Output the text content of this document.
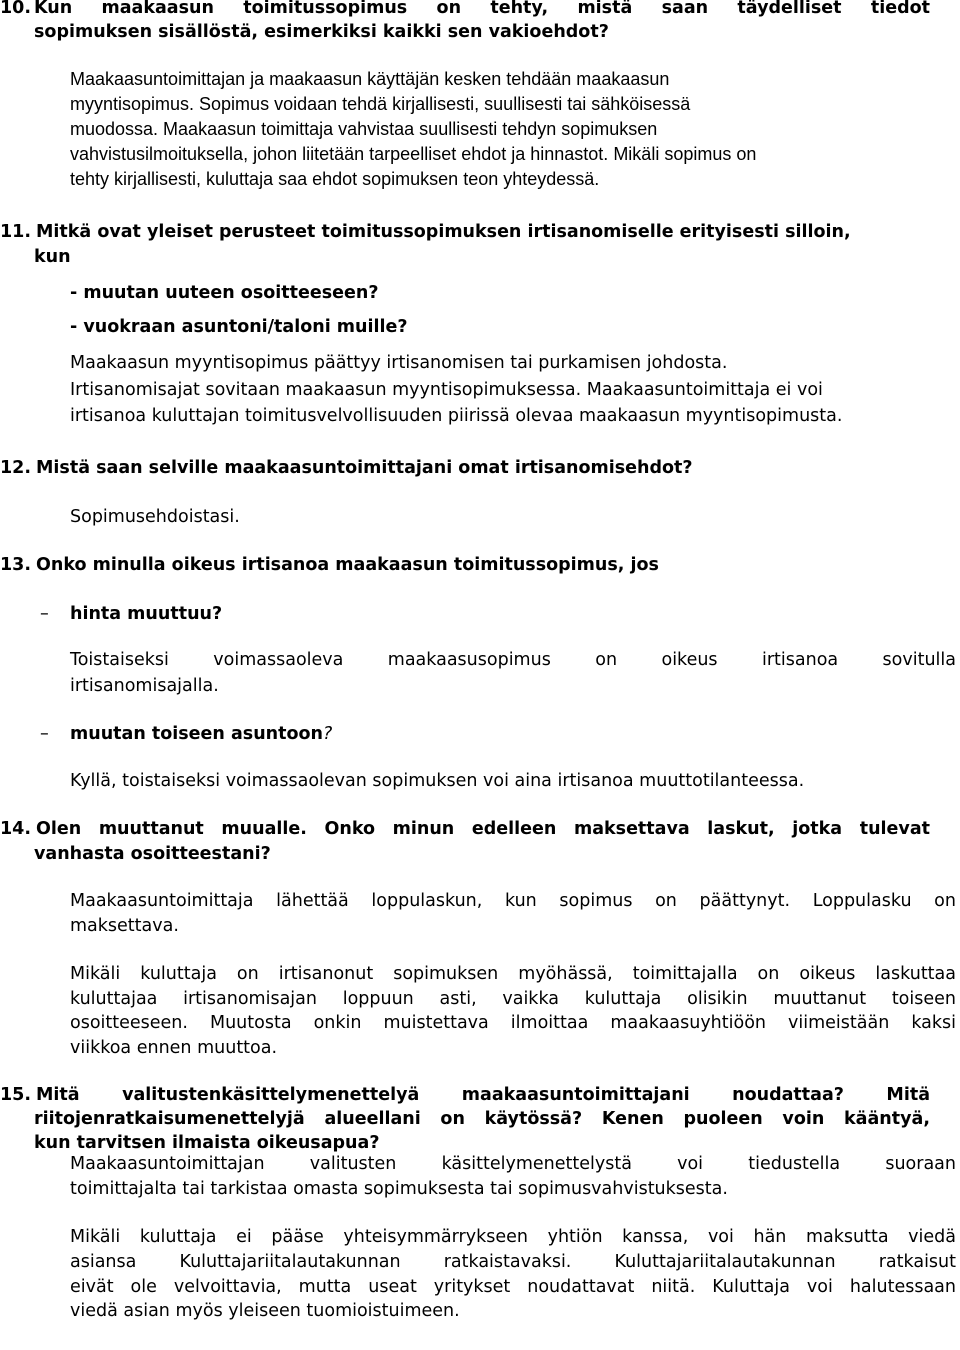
10. Kun maakaasun toimitussopimus on tehty, mistä saan täydelliset tiedot
sopimuksen sisällöstä, esimerkiksi kaikki sen vakioehdot?
Maakaasuntoimittajan ja maakaasun käyttäjän kesken tehdään maakaasun
myyntisopimus. Sopimus voidaan tehdä kirjallisesti, suullisesti tai sähköisessä
muodossa. Maakaasun toimittaja vahvistaa suullisesti tehdyn sopimuksen
vahvistusilmoituksella, johon liitetään tarpeelliset ehdot ja hinnastot. Mikäli sopimus on
tehty kirjallisesti, kuluttaja saa ehdot sopimuksen teon yhteydessä.
11. Mitkä ovat yleiset perusteet toimitussopimuksen irtisanomiselle erityisesti silloin,
kun
- muutan uuteen osoitteeseen?
- vuokraan asuntoni/taloni muille?
Maakaasun myyntisopimus päättyy irtisanomisen tai purkamisen johdosta.
Irtisanomisajat sovitaan maakaasun myyntisopimuksessa. Maakaasuntoimittaja ei voi
irtisanoa kuluttajan toimitusvelvollisuuden piirissä olevaa maakaasun myyntisopimusta.
12. Mistä saan selville maakaasuntoimittajani omat irtisanomisehdot?
Sopimusehdoistasi.
13. Onko minulla oikeus irtisanoa maakaasun toimitussopimus, jos
– hinta muuttuu?
Toistaiseksi voimassaoleva maakaasusopimus on oikeus irtisanoa sovitulla
irtisanomisajalla.
– muutan toiseen asuntoon?
Kyllä, toistaiseksi voimassaolevan sopimuksen voi aina irtisanoa muuttotilanteessa.
14. Olen muuttanut muualle. Onko minun edelleen maksettava laskut, jotka tulevat
vanhasta osoitteestani?
Maakaasuntoimittaja lähettää loppulaskun, kun sopimus on päättynyt. Loppulasku on
maksettava.
Mikäli kuluttaja on irtisanonut sopimuksen myöhässä, toimittajalla on oikeus laskuttaa
kuluttajaa irtisanomisajan loppuun asti, vaikka kuluttaja olisikin muuttanut toiseen
osoitteeseen. Muutosta onkin muistettava ilmoittaa maakaasuyhtiöön viimeistään kaksi
viikkoa ennen muuttoa.
15. Mitä valitustenkäsittelymenettelyä maakaasuntoimittajani noudattaa? Mitä
riitojenratkaisumenettelyjä alueellani on käytössä? Kenen puoleen voin kääntyä,
kun tarvitsen ilmaista oikeusapua?
Maakaasuntoimittajan valitusten käsittelymenettelystä voi tiedustella suoraan
toimittajalta tai tarkistaa omasta sopimuksesta tai sopimusvahvistuksesta.
Mikäli kuluttaja ei pääse yhteisymmärrykseen yhtiön kanssa, voi hän maksutta viedä
asiansa Kuluttajariitalautakunnan ratkaistavaksi. Kuluttajariitalautakunnan ratkaisut
eivät ole velvoittavia, mutta useat yritykset noudattavat niitä. Kuluttaja voi halutessaan
viedä asian myös yleiseen tuomioistuimeen.
